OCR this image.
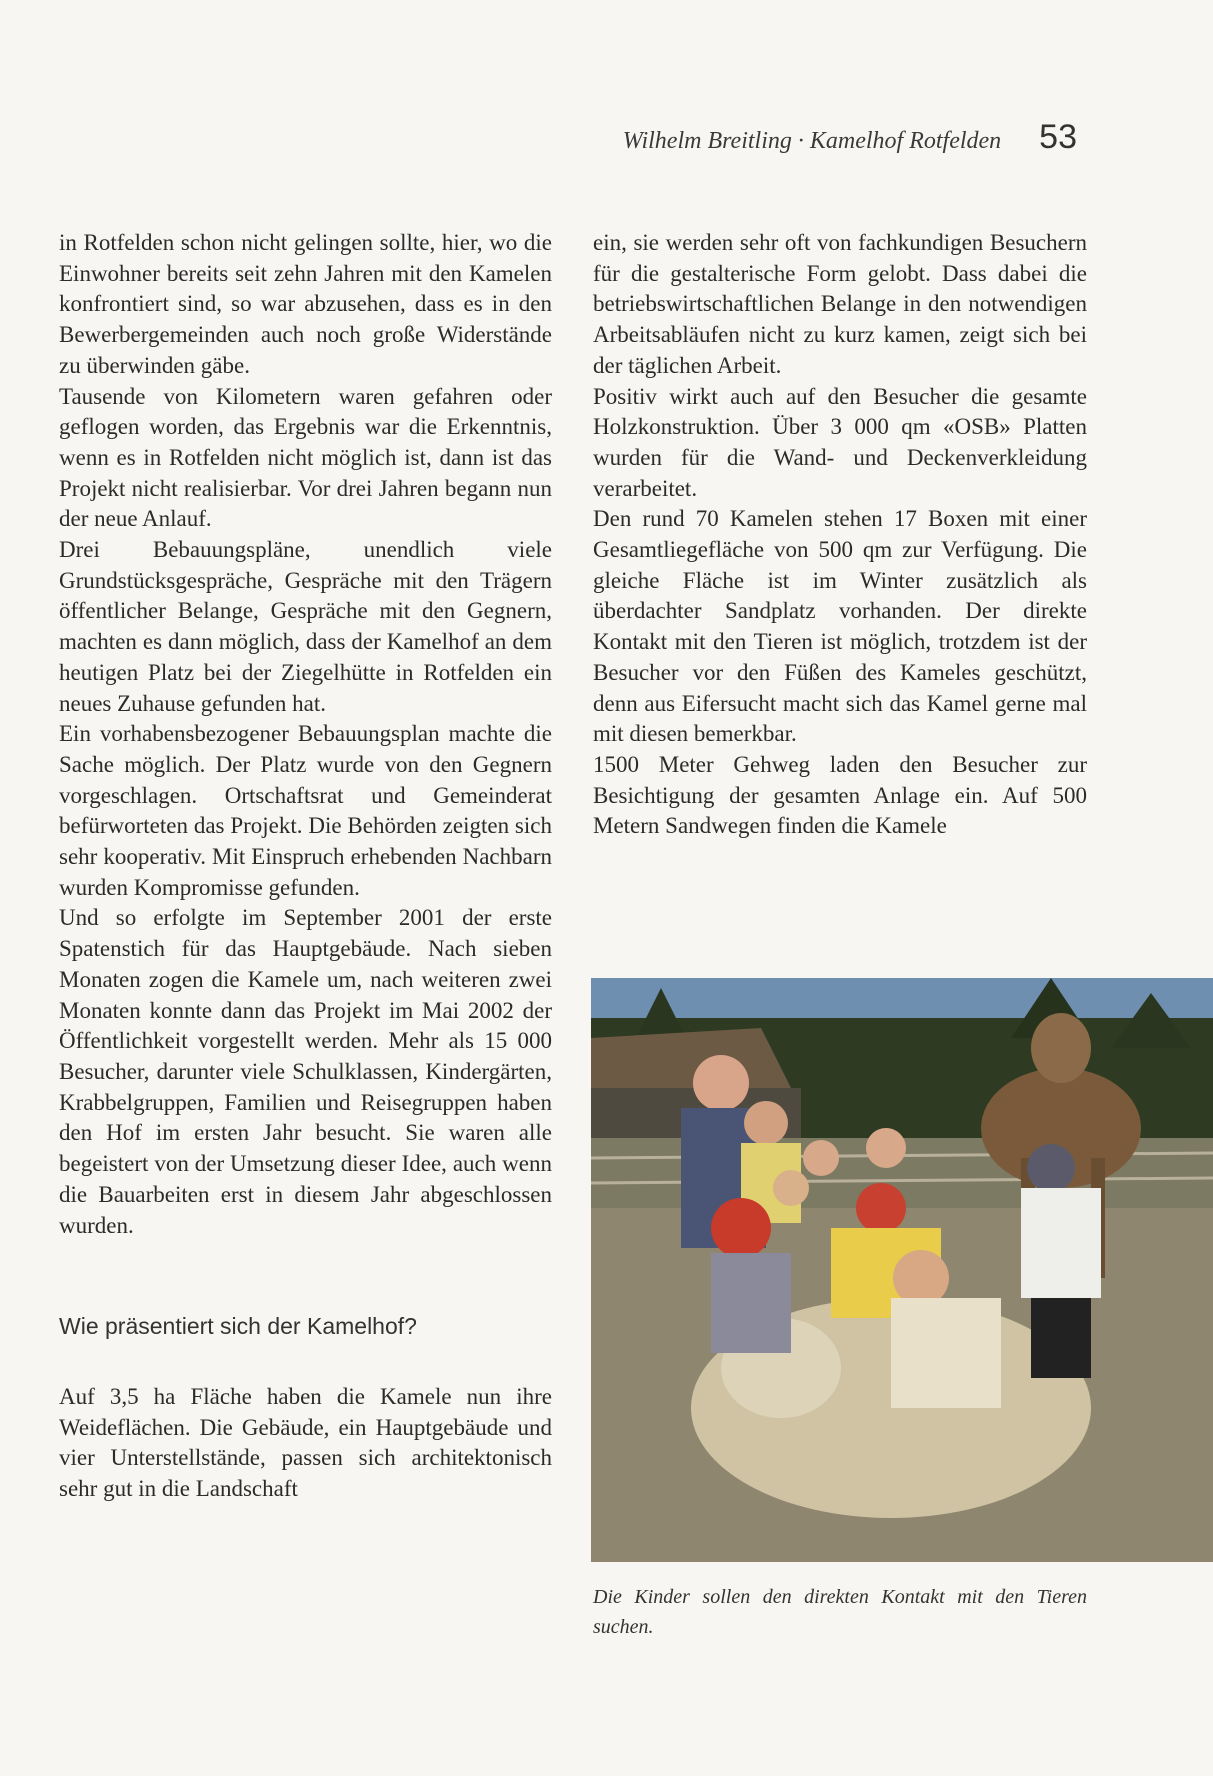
Wilhelm Breitling · Kamelhof Rotfelden 53

in Rotfelden schon nicht gelingen sollte, hier, wo die Einwohner bereits seit zehn Jahren mit den Kamelen konfrontiert sind, so war abzusehen, dass es in den Bewerbergemeinden auch noch große Widerstände zu überwinden gäbe.

Tausende von Kilometern waren gefahren oder geflogen worden, das Ergebnis war die Erkenntnis, wenn es in Rotfelden nicht möglich ist, dann ist das Projekt nicht realisierbar. Vor drei Jahren begann nun der neue Anlauf.

Drei Bebauungspläne, unendlich viele Grundstücksgespräche, Gespräche mit den Trägern öffentlicher Belange, Gespräche mit den Gegnern, machten es dann möglich, dass der Kamelhof an dem heutigen Platz bei der Ziegelhütte in Rotfelden ein neues Zuhause gefunden hat.

Ein vorhabensbezogener Bebauungsplan machte die Sache möglich. Der Platz wurde von den Gegnern vorgeschlagen. Ortschaftsrat und Gemeinderat befürworteten das Projekt. Die Behörden zeigten sich sehr kooperativ. Mit Einspruch erhebenden Nachbarn wurden Kompromisse gefunden.

Und so erfolgte im September 2001 der erste Spatenstich für das Hauptgebäude. Nach sieben Monaten zogen die Kamele um, nach weiteren zwei Monaten konnte dann das Projekt im Mai 2002 der Öffentlichkeit vorgestellt werden. Mehr als 15 000 Besucher, darunter viele Schulklassen, Kindergärten, Krabbelgruppen, Familien und Reisegruppen haben den Hof im ersten Jahr besucht. Sie waren alle begeistert von der Umsetzung dieser Idee, auch wenn die Bauarbeiten erst in diesem Jahr abgeschlossen wurden.

Wie präsentiert sich der Kamelhof?

Auf 3,5 ha Fläche haben die Kamele nun ihre Weideflächen. Die Gebäude, ein Hauptgebäude und vier Unterstellstände, passen sich architektonisch sehr gut in die Landschaft

ein, sie werden sehr oft von fachkundigen Besuchern für die gestalterische Form gelobt. Dass dabei die betriebswirtschaftlichen Belange in den notwendigen Arbeitsabläufen nicht zu kurz kamen, zeigt sich bei der täglichen Arbeit.

Positiv wirkt auch auf den Besucher die gesamte Holzkonstruktion. Über 3 000 qm «OSB» Platten wurden für die Wand- und Deckenverkleidung verarbeitet.

Den rund 70 Kamelen stehen 17 Boxen mit einer Gesamtliegefläche von 500 qm zur Verfügung. Die gleiche Fläche ist im Winter zusätzlich als überdachter Sandplatz vorhanden. Der direkte Kontakt mit den Tieren ist möglich, trotzdem ist der Besucher vor den Füßen des Kameles geschützt, denn aus Eifersucht macht sich das Kamel gerne mal mit diesen bemerkbar.

1500 Meter Gehweg laden den Besucher zur Besichtigung der gesamten Anlage ein. Auf 500 Metern Sandwegen finden die Kamele

Die Kinder sollen den direkten Kontakt mit den Tieren suchen.
